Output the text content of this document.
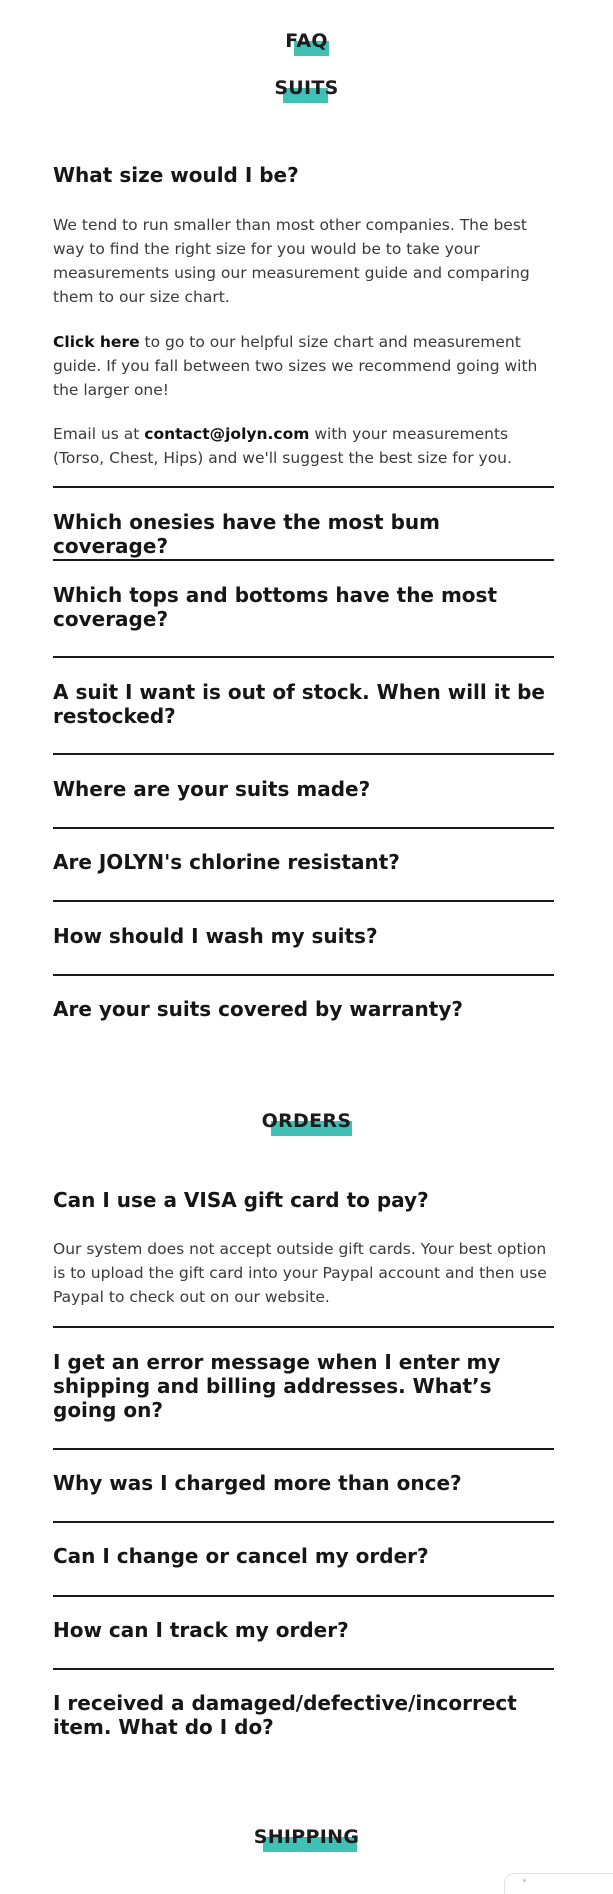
FAQ
SUITS
What size would I be?

We tend to run smaller than most other companies. The best way to find the right size for you would be to take your measurements using our measurement guide and comparing them to our size chart.

Click here to go to our helpful size chart and measurement guide. If you fall between two sizes we recommend going with the larger one!

Email us at contact@jolyn.com with your measurements (Torso, Chest, Hips) and we'll suggest the best size for you.

Which onesies have the most bum coverage?
Which tops and bottoms have the most coverage?
A suit I want is out of stock. When will it be restocked?
Where are your suits made?
Are JOLYN's chlorine resistant?
How should I wash my suits?
Are your suits covered by warranty?
ORDERS
Can I use a VISA gift card to pay?

Our system does not accept outside gift cards. Your best option is to upload the gift card into your Paypal account and then use Paypal to check out on our website.

I get an error message when I enter my shipping and billing addresses. What’s going on?
Why was I charged more than once?
Can I change or cancel my order?
How can I track my order?
I received a damaged/defective/incorrect item. What do I do?
SHIPPING
